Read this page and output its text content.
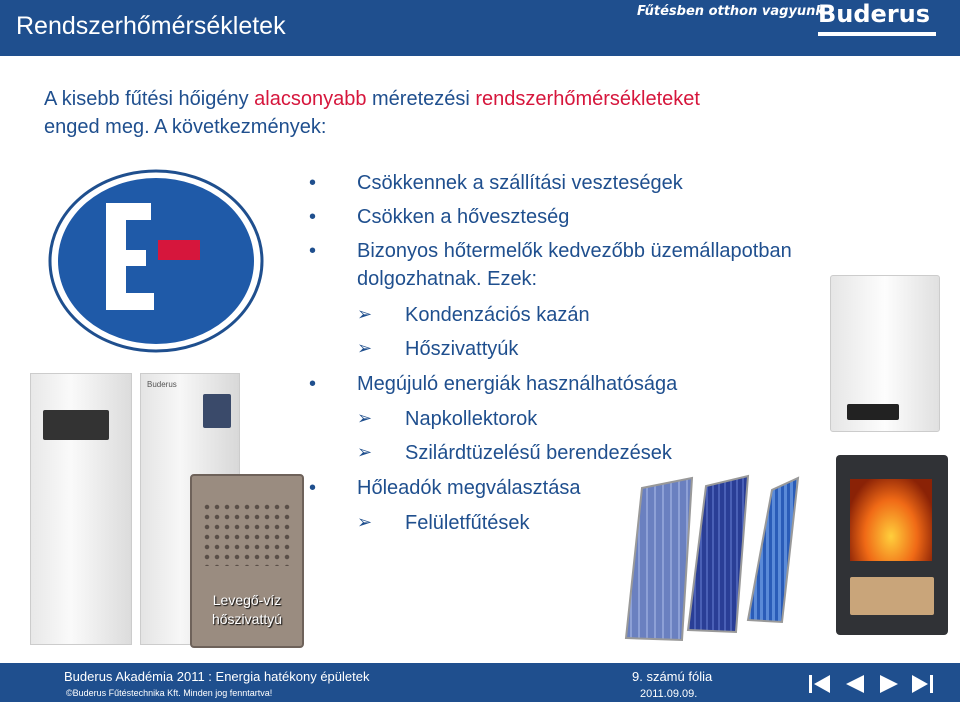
Rendszerhőmérsékletek
Fűtésben otthon vagyunk
Buderus
A kisebb fűtési hőigény alacsonyabb méretezési rendszerhőmérsékleteket
enged meg. A következmények:
• Csökkennek a szállítási veszteségek
• Csökken a hőveszteség
• Bizonyos hőtermelők kedvezőbb üzemállapotban
dolgozhatnak. Ezek:
➢ Kondenzációs kazán
➢ Hőszivattyúk
• Megújuló energiák használhatósága
➢ Napkollektorok
➢ Szilárdtüzelésű berendezések
• Hőleadók megválasztása
➢ Felületfűtések
Buderus
Levegő-víz
hőszivattyú
Buderus Akadémia 2011 : Energia hatékony épületek
©Buderus Fűtéstechnika Kft. Minden jog fenntartva!
9. számú fólia
2011.09.09.
